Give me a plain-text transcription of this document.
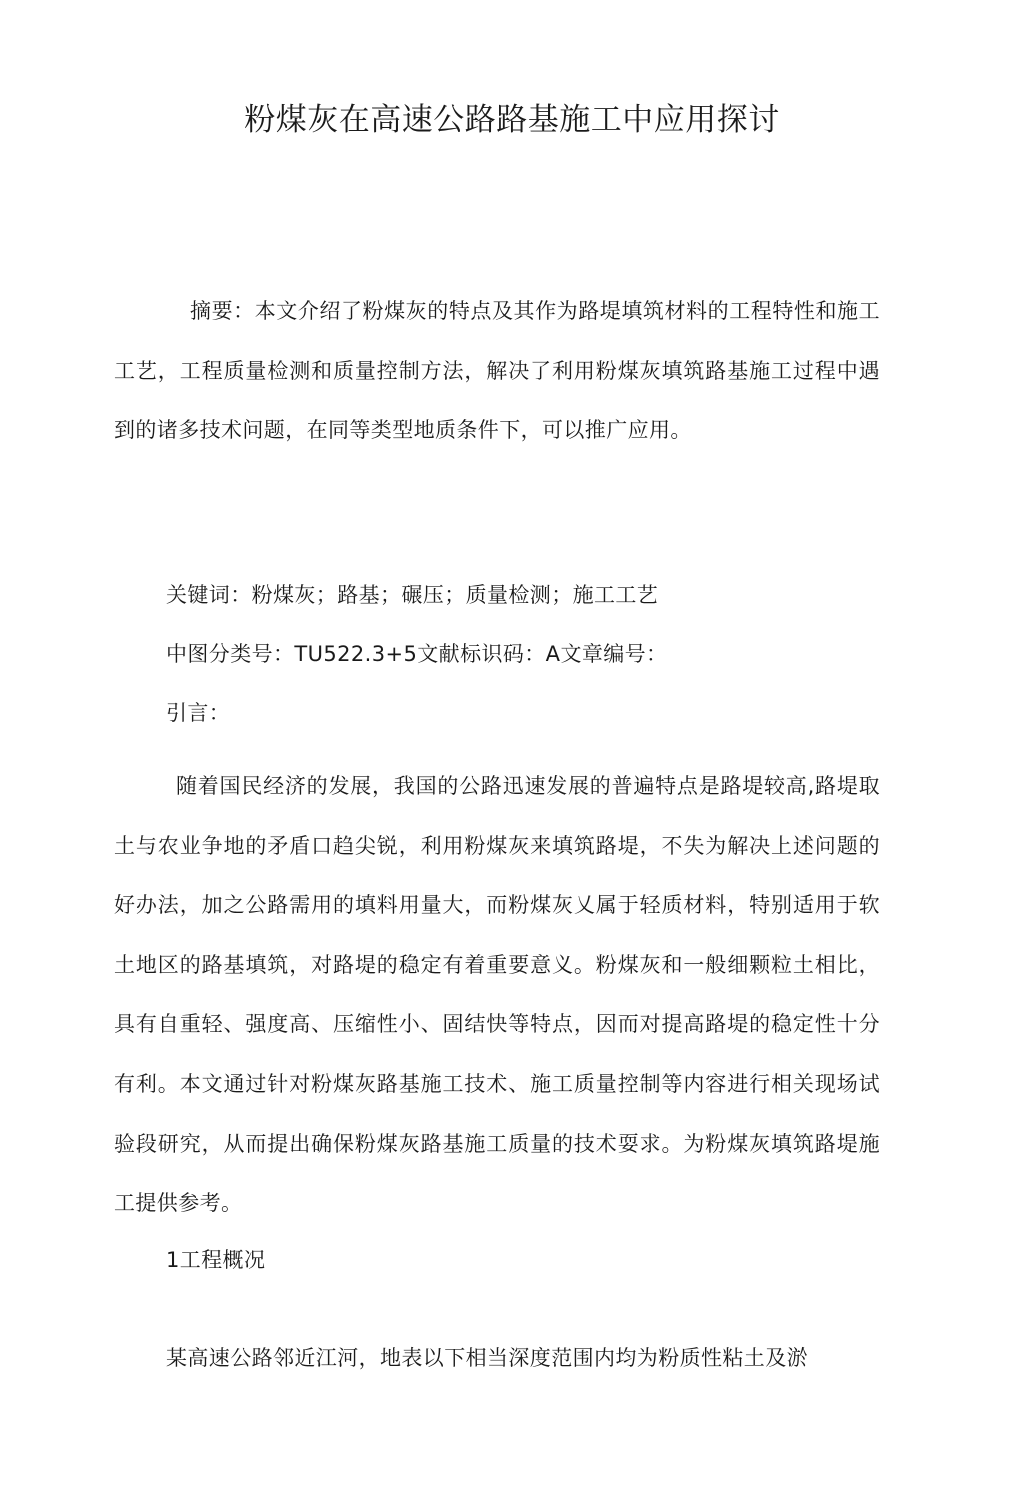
粉煤灰在高速公路路基施工中应用探讨
摘要：本文介绍了粉煤灰的特点及其作为路堤填筑材料的工程特性和施工工艺，工程质量检测和质量控制方法，解决了利用粉煤灰填筑路基施工过程中遇到的诸多技术问题，在同等类型地质条件下，可以推广应用。
关键词：粉煤灰；路基；碾压；质量检测；施工工艺
中图分类号：TU522.3+5文献标识码：A文章编号：
引言：
随着国民经济的发展，我国的公路迅速发展的普遍特点是路堤较高,路堤取土与农业争地的矛盾口趋尖锐，利用粉煤灰来填筑路堤，不失为解决上述问题的好办法，加之公路需用的填料用量大，而粉煤灰乂属于轻质材料，特别适用于软土地区的路基填筑，对路堤的稳定有着重要意义。粉煤灰和一般细颗粒土相比，具有自重轻、强度高、压缩性小、固结快等特点，因而对提高路堤的稳定性十分有利。本文通过针对粉煤灰路基施工技术、施工质量控制等内容进行相关现场试验段研究，从而提出确保粉煤灰路基施工质量的技术耍求。为粉煤灰填筑路堤施工提供参考。
1工程概况
某高速公路邻近江河，地表以下相当深度范围内均为粉质性粘土及淤
